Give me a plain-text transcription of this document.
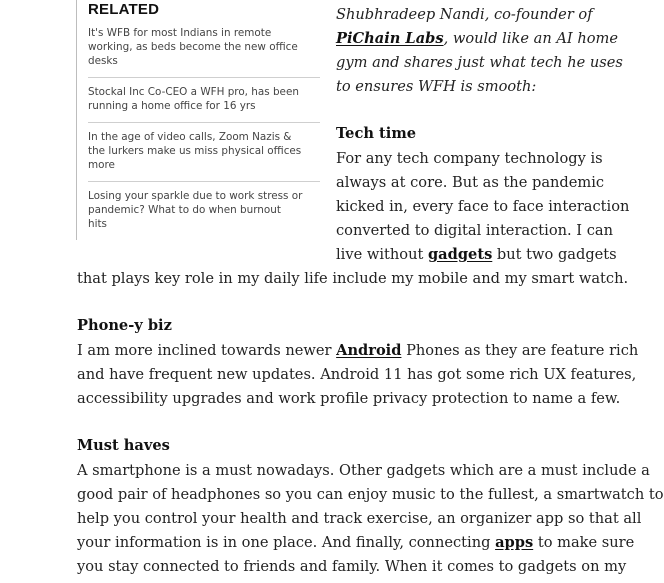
RELATED
It's WFB for most Indians in remote
working, as beds become the new office
desks
Stockal Inc Co-CEO a WFH pro, has been
running a home office for 16 yrs
In the age of video calls, Zoom Nazis &
the lurkers make us miss physical offices
more
Losing your sparkle due to work stress or
pandemic? What to do when burnout
hits
Shubhradeep Nandi, co-founder of
PiChain Labs, would like an AI home
gym and shares just what tech he uses
to ensures WFH is smooth:
Tech time
For any tech company technology is
always at core. But as the pandemic
kicked in, every face to face interaction
converted to digital interaction. I can
live without gadgets but two gadgets
that plays key role in my daily life include my mobile and my smart watch.
Phone-y biz
I am more inclined towards newer Android Phones as they are feature rich
and have frequent new updates. Android 11 has got some rich UX features,
accessibility upgrades and work profile privacy protection to name a few.
Must haves
A smartphone is a must nowadays. Other gadgets which are a must include a
good pair of headphones so you can enjoy music to the fullest, a smartwatch to
help you control your health and track exercise, an organizer app so that all
your information is in one place. And finally, connecting apps to make sure
you stay connected to friends and family. When it comes to gadgets on my
